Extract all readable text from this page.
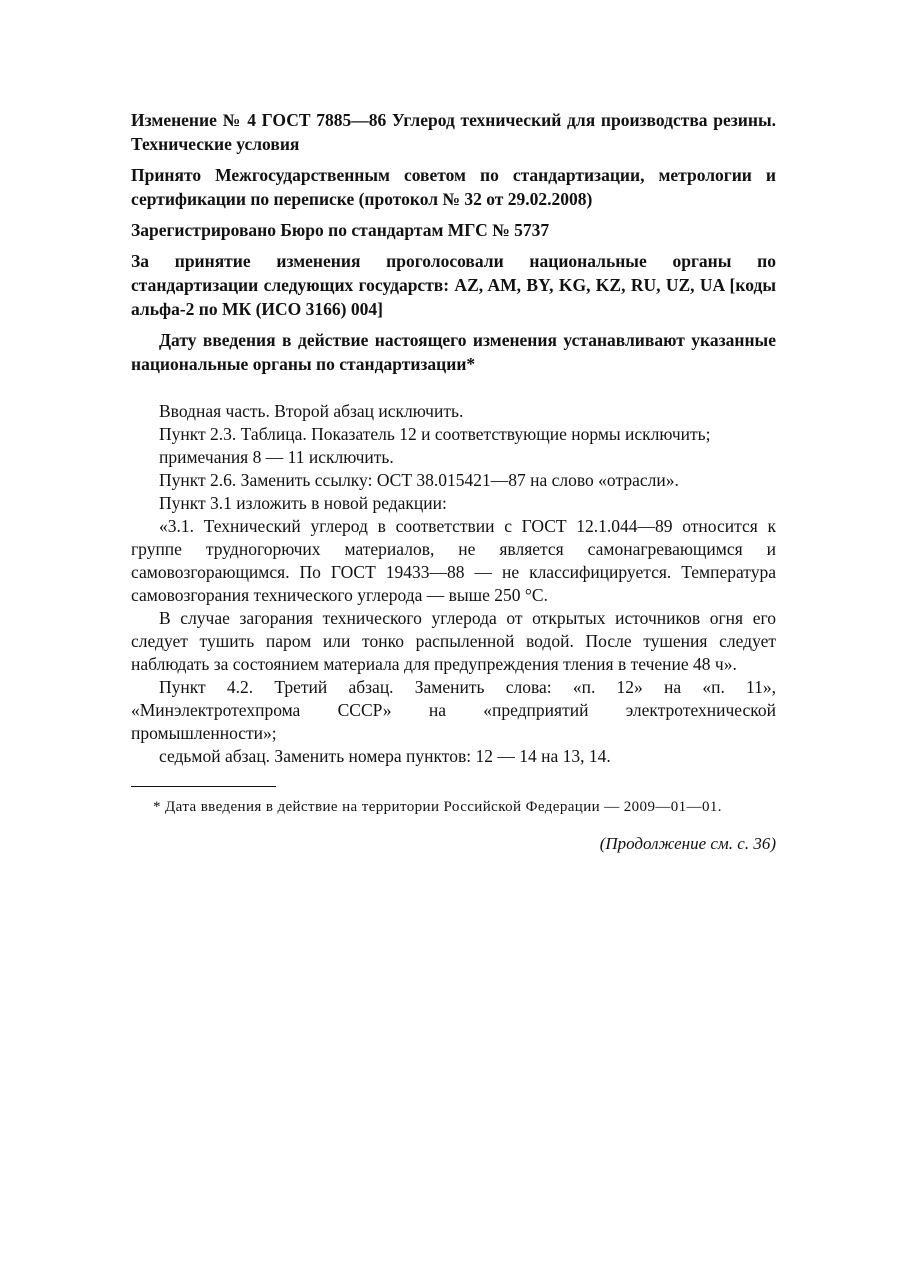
Изменение № 4 ГОСТ 7885—86 Углерод технический для производства резины. Технические условия
Принято Межгосударственным советом по стандартизации, метрологии и сертификации по переписке (протокол № 32 от 29.02.2008)
Зарегистрировано Бюро по стандартам МГС № 5737
За принятие изменения проголосовали национальные органы по стандартизации следующих государств: AZ, AM, BY, KG, KZ, RU, UZ, UA [коды альфа-2 по МК (ИСО 3166) 004]
Дату введения в действие настоящего изменения устанавливают указанные национальные органы по стандартизации*

Вводная часть. Второй абзац исключить.

Пункт 2.3. Таблица. Показатель 12 и соответствующие нормы исключить;

примечания 8 — 11 исключить.

Пункт 2.6. Заменить ссылку: ОСТ 38.015421—87 на слово «отрасли».

Пункт 3.1 изложить в новой редакции:

«3.1. Технический углерод в соответствии с ГОСТ 12.1.044—89 относится к группе трудногорючих материалов, не является самонагревающимся и самовозгорающимся. По ГОСТ 19433—88 — не классифицируется. Температура самовозгорания технического углерода — выше 250 °С.

В случае загорания технического углерода от открытых источников огня его следует тушить паром или тонко распыленной водой. После тушения следует наблюдать за состоянием материала для предупреждения тления в течение 48 ч».

Пункт 4.2. Третий абзац. Заменить слова: «п. 12» на «п. 11», «Минэлектротехпрома СССР» на «предприятий электротехнической промышленности»;

седьмой абзац. Заменить номера пунктов: 12 — 14 на 13, 14.

* Дата введения в действие на территории Российской Федерации — 2009—01—01.

(Продолжение см. с. 36)
